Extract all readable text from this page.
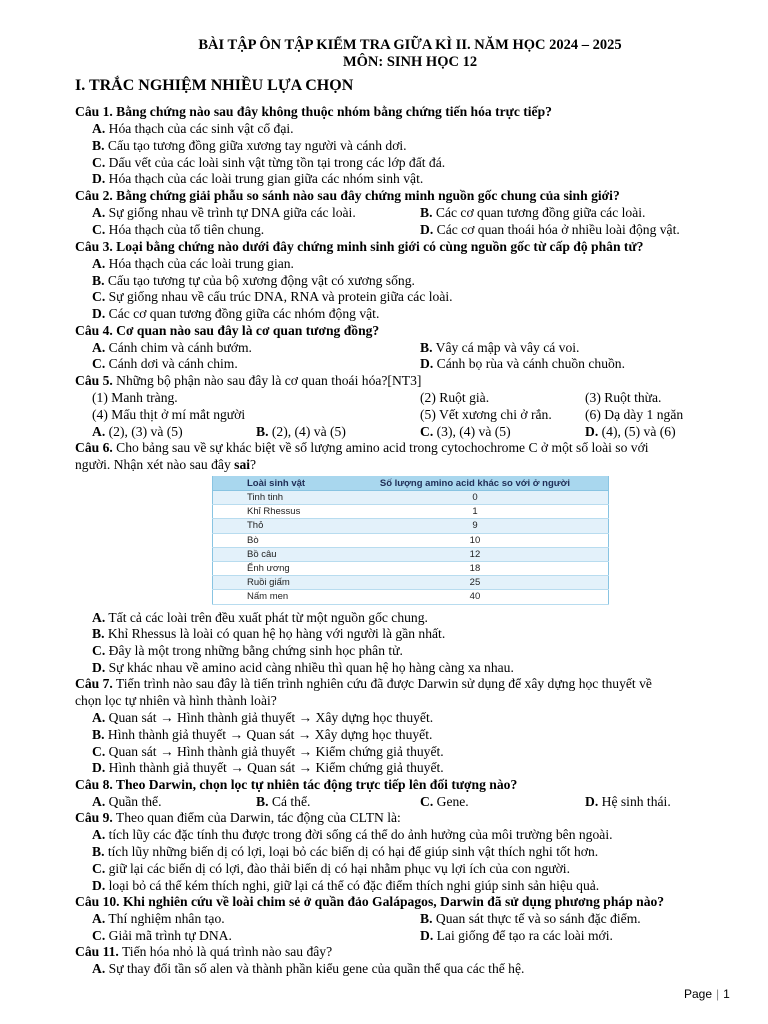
BÀI TẬP ÔN TẬP KIỂM TRA GIỮA KÌ II. NĂM HỌC 2024 – 2025
MÔN: SINH HỌC 12
I. TRẮC NGHIỆM NHIỀU LỰA CHỌN
Câu 1. Bằng chứng nào sau đây không thuộc nhóm bằng chứng tiến hóa trực tiếp?
A. Hóa thạch của các sinh vật cổ đại.
B. Cấu tạo tương đồng giữa xương tay người và cánh dơi.
C. Dấu vết của các loài sinh vật từng tồn tại trong các lớp đất đá.
D. Hóa thạch của các loài trung gian giữa các nhóm sinh vật.
Câu 2. Bằng chứng giải phẫu so sánh nào sau đây chứng minh nguồn gốc chung của sinh giới?
A. Sự giống nhau về trình tự DNA giữa các loài.	B. Các cơ quan tương đồng giữa các loài.
C. Hóa thạch của tổ tiên chung.	D. Các cơ quan thoái hóa ở nhiều loài động vật.
Câu 3. Loại bằng chứng nào dưới đây chứng minh sinh giới có cùng nguồn gốc từ cấp độ phân tử?
A. Hóa thạch của các loài trung gian.
B. Cấu tạo tương tự của bộ xương động vật có xương sống.
C. Sự giống nhau về cấu trúc DNA, RNA và protein giữa các loài.
D. Các cơ quan tương đồng giữa các nhóm động vật.
Câu 4. Cơ quan nào sau đây là cơ quan tương đồng?
A. Cánh chim và cánh bướm.	B. Vây cá mập và vây cá voi.
C. Cánh dơi và cánh chim.	D. Cánh bọ rùa và cánh chuồn chuồn.
Câu 5. Những bộ phận nào sau đây là cơ quan thoái hóa?[NT3]
(1) Manh tràng.	(2) Ruột già.	(3) Ruột thừa.
(4) Mấu thịt ở mí mắt người	(5) Vết xương chi ở rắn. (6) Dạ dày 1 ngăn
A. (2), (3) và (5)	B. (2), (4) và (5)	C. (3), (4) và (5)	D. (4), (5) và (6)
Câu 6. Cho bảng sau về sự khác biệt về số lượng amino acid trong cytochochrome C ở một số loài so với
người. Nhận xét nào sau đây sai?
Loài sinh vật	Số lượng amino acid khác so với ở người
Tinh tinh	0
Khỉ Rhessus	1
Thỏ	9
Bò	10
Bồ câu	12
Ểnh ương	18
Ruồi giấm	25
Nấm men	40
A. Tất cả các loài trên đều xuất phát từ một nguồn gốc chung.
B. Khỉ Rhessus là loài có quan hệ họ hàng với người là gần nhất.
C. Đây là một trong những bằng chứng sinh học phân tử.
D. Sự khác nhau về amino acid càng nhiều thì quan hệ họ hàng càng xa nhau.
Câu 7. Tiến trình nào sau đây là tiến trình nghiên cứu đã được Darwin sử dụng để xây dựng học thuyết về
chọn lọc tự nhiên và hình thành loài?
A. Quan sát → Hình thành giả thuyết → Xây dựng học thuyết.
B. Hình thành giả thuyết → Quan sát → Xây dựng học thuyết.
C. Quan sát → Hình thành giả thuyết → Kiểm chứng giả thuyết.
D. Hình thành giả thuyết → Quan sát → Kiểm chứng giả thuyết.
Câu 8. Theo Darwin, chọn lọc tự nhiên tác động trực tiếp lên đối tượng nào?
A. Quần thể.	B. Cá thể.	C. Gene.	D. Hệ sinh thái.
Câu 9. Theo quan điểm của Darwin, tác động của CLTN là:
A. tích lũy các đặc tính thu được trong đời sống cá thể do ảnh hưởng của môi trường bên ngoài.
B. tích lũy những biến dị có lợi, loại bỏ các biến dị có hại để giúp sinh vật thích nghi tốt hơn.
C. giữ lại các biến dị có lợi, đào thải biến dị có hại nhằm phục vụ lợi ích của con người.
D. loại bỏ cá thể kém thích nghi, giữ lại cá thể có đặc điểm thích nghi giúp sinh sản hiệu quả.
Câu 10. Khi nghiên cứu về loài chim sẻ ở quần đảo Galápagos, Darwin đã sử dụng phương pháp nào?
A. Thí nghiệm nhân tạo.	B. Quan sát thực tế và so sánh đặc điểm.
C. Giải mã trình tự DNA.	D. Lai giống để tạo ra các loài mới.
Câu 11. Tiến hóa nhỏ là quá trình nào sau đây?
A. Sự thay đổi tần số alen và thành phần kiểu gene của quần thể qua các thế hệ.
Page | 1
